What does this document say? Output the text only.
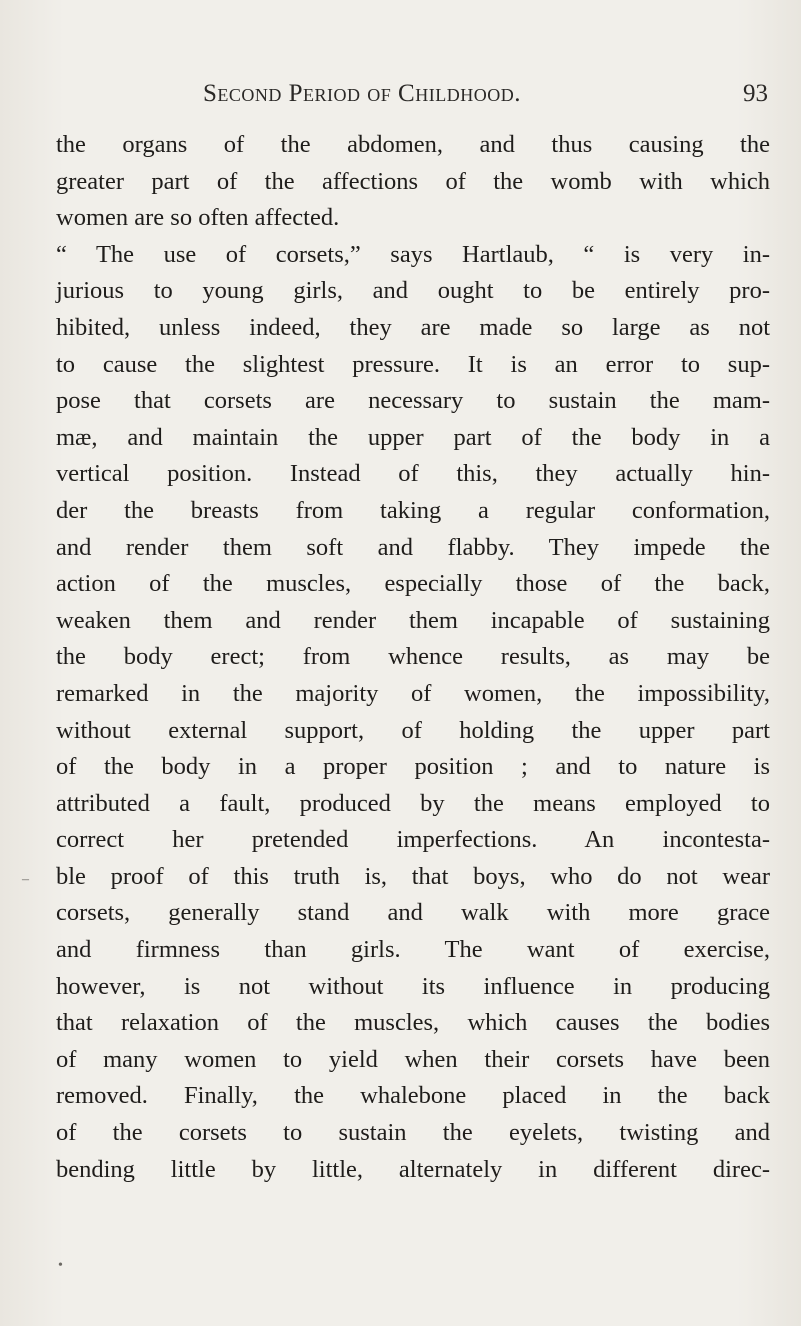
Second Period of Childhood.	93
the organs of the abdomen, and thus causing the
greater part of the affections of the womb with which
women are so often affected.
“ The use of corsets,” says Hartlaub, “ is very in-
jurious to young girls, and ought to be entirely pro-
hibited, unless indeed, they are made so large as not
to cause the slightest pressure. It is an error to sup-
pose that corsets are necessary to sustain the mam-
mæ, and maintain the upper part of the body in a
vertical position. Instead of this, they actually hin-
der the breasts from taking a regular conformation,
and render them soft and flabby. They impede the
action of the muscles, especially those of the back,
weaken them and render them incapable of sustaining
the body erect; from whence results, as may be
remarked in the majority of women, the impossibility,
without external support, of holding the upper part
of the body in a proper position ; and to nature is
attributed a fault, produced by the means employed to
correct her pretended imperfections. An incontesta-
ble proof of this truth is, that boys, who do not wear
corsets, generally stand and walk with more grace
and firmness than girls. The want of exercise,
however, is not without its influence in producing
that relaxation of the muscles, which causes the bodies
of many women to yield when their corsets have been
removed. Finally, the whalebone placed in the back
of the corsets to sustain the eyelets, twisting and
bending little by little, alternately in different direc-
–
•
